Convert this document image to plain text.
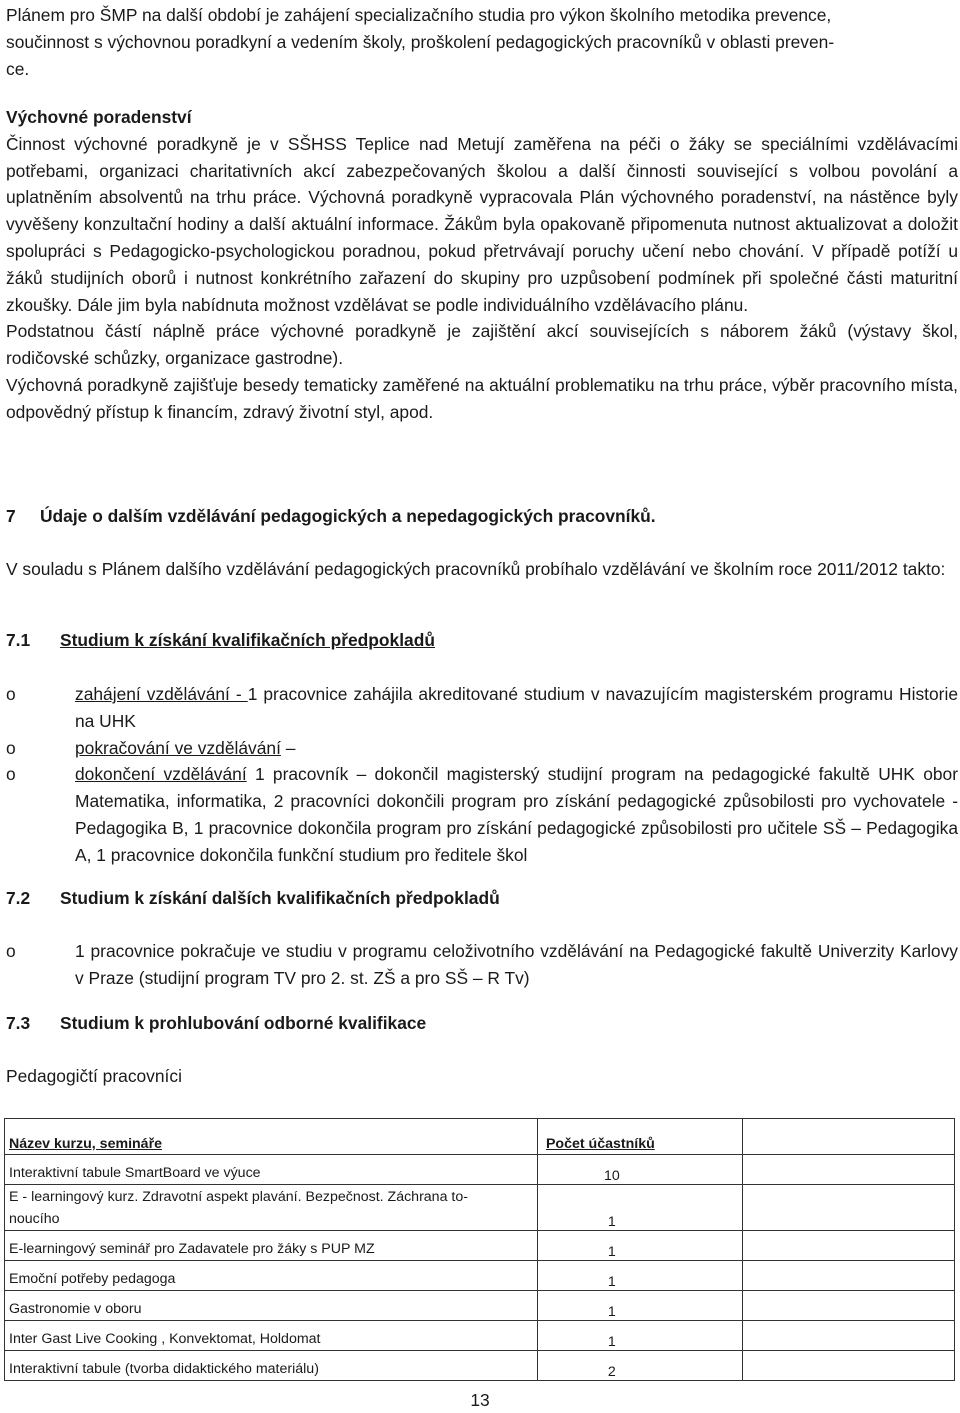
Plánem pro ŠMP na další období je zahájení specializačního studia pro výkon školního metodika prevence,
součinnost s výchovnou poradkyní a vedením školy, proškolení pedagogických pracovníků v oblasti preven-
ce.
Výchovné poradenství

Činnost výchovné poradkyně je v SŠHSS Teplice nad Metují zaměřena na péči o žáky se speciálními vzdělávacími potřebami, organizaci charitativních akcí zabezpečovaných školou a další činnosti související s volbou povolání a uplatněním absolventů na trhu práce. Výchovná poradkyně vypracovala Plán výchovného poradenství, na nástěnce byly vyvěšeny konzultační hodiny a další aktuální informace. Žákům byla opakovaně připomenuta nutnost aktualizovat a doložit spolupráci s Pedagogicko-psychologickou poradnou, pokud přetrvávají poruchy učení nebo chování. V případě potíží u žáků studijních oborů i nutnost konkrétního zařazení do skupiny pro uzpůsobení podmínek při společné části maturitní zkoušky. Dále jim byla nabídnuta možnost vzdělávat se podle individuálního vzdělávacího plánu.

Podstatnou částí náplně práce výchovné poradkyně je zajištění akcí souvisejících s náborem žáků (výstavy škol, rodičovské schůzky, organizace gastrodne).

Výchovná poradkyně zajišťuje besedy tematicky zaměřené na aktuální problematiku na trhu práce, výběr pracovního místa, odpovědný přístup k financím, zdravý životní styl, apod.

7	Údaje o dalším vzdělávání pedagogických a nepedagogických pracovníků.

V souladu s Plánem dalšího vzdělávání pedagogických pracovníků probíhalo vzdělávání ve školním roce 2011/2012 takto:

7.1	Studium k získání kvalifikačních předpokladů
o	zahájení vzdělávání - 1 pracovnice zahájila akreditované studium v navazujícím magisterském programu Historie na UHK
o	pokračování ve vzdělávání –
o	dokončení vzdělávání 1 pracovník – dokončil magisterský studijní program na pedagogické fakultě UHK obor Matematika, informatika, 2 pracovníci dokončili program pro získání pedagogické způsobilosti pro vychovatele - Pedagogika B, 1 pracovnice dokončila program pro získání pedagogické způsobilosti pro učitele SŠ – Pedagogika A, 1 pracovnice dokončila funkční studium pro ředitele škol
7.2	Studium k získání dalších kvalifikačních předpokladů
o	1 pracovnice pokračuje ve studiu v programu celoživotního vzdělávání na Pedagogické fakultě Univerzity Karlovy v Praze (studijní program TV pro 2. st. ZŠ a pro SŠ – R Tv)
7.3	Studium k prohlubování odborné kvalifikace
Pedagogičtí pracovníci
Název kurzu, semináře	Počet účastníků	

Interaktivní tabule SmartBoard ve výuce	10	

E - learningový kurz. Zdravotní aspekt plavání. Bezpečnost. Záchrana to-
noucího	1	

E-learningový seminář pro Zadavatele pro žáky s PUP MZ	1	

Emoční potřeby pedagoga	1	

Gastronomie v oboru	1	

Inter Gast Live Cooking , Konvektomat, Holdomat	1	

Interaktivní tabule (tvorba didaktického materiálu)	2	
13
